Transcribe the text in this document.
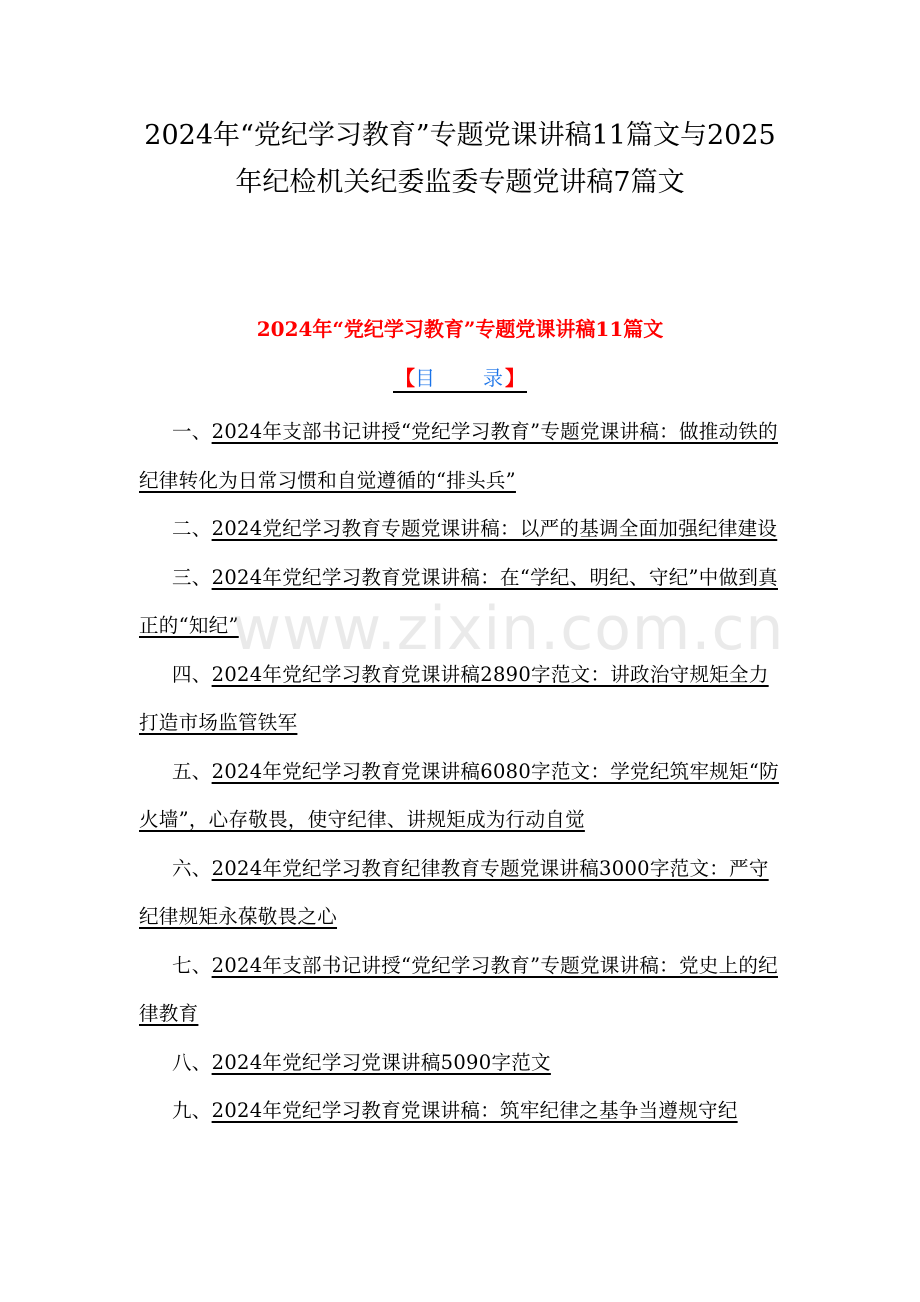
2024年“党纪学习教育”专题党课讲稿11篇文与2025
年纪检机关纪委监委专题党讲稿7篇文
2024年“党纪学习教育”专题党课讲稿11篇文
【目 录】
一、2024年支部书记讲授“党纪学习教育”专题党课讲稿：做推动铁的纪律转化为日常习惯和自觉遵循的“排头兵”
二、2024党纪学习教育专题党课讲稿：以严的基调全面加强纪律建设
三、2024年党纪学习教育党课讲稿：在“学纪、明纪、守纪”中做到真正的“知纪”
四、2024年党纪学习教育党课讲稿2890字范文：讲政治守规矩全力打造市场监管铁军
五、2024年党纪学习教育党课讲稿6080字范文：学党纪筑牢规矩“防火墙”，心存敬畏，使守纪律、讲规矩成为行动自觉
六、2024年党纪学习教育纪律教育专题党课讲稿3000字范文：严守纪律规矩永葆敬畏之心
七、2024年支部书记讲授“党纪学习教育”专题党课讲稿：党史上的纪律教育
八、2024年党纪学习党课讲稿5090字范文
九、2024年党纪学习教育党课讲稿：筑牢纪律之基争当遵规守纪
www.zixin.com.cn
